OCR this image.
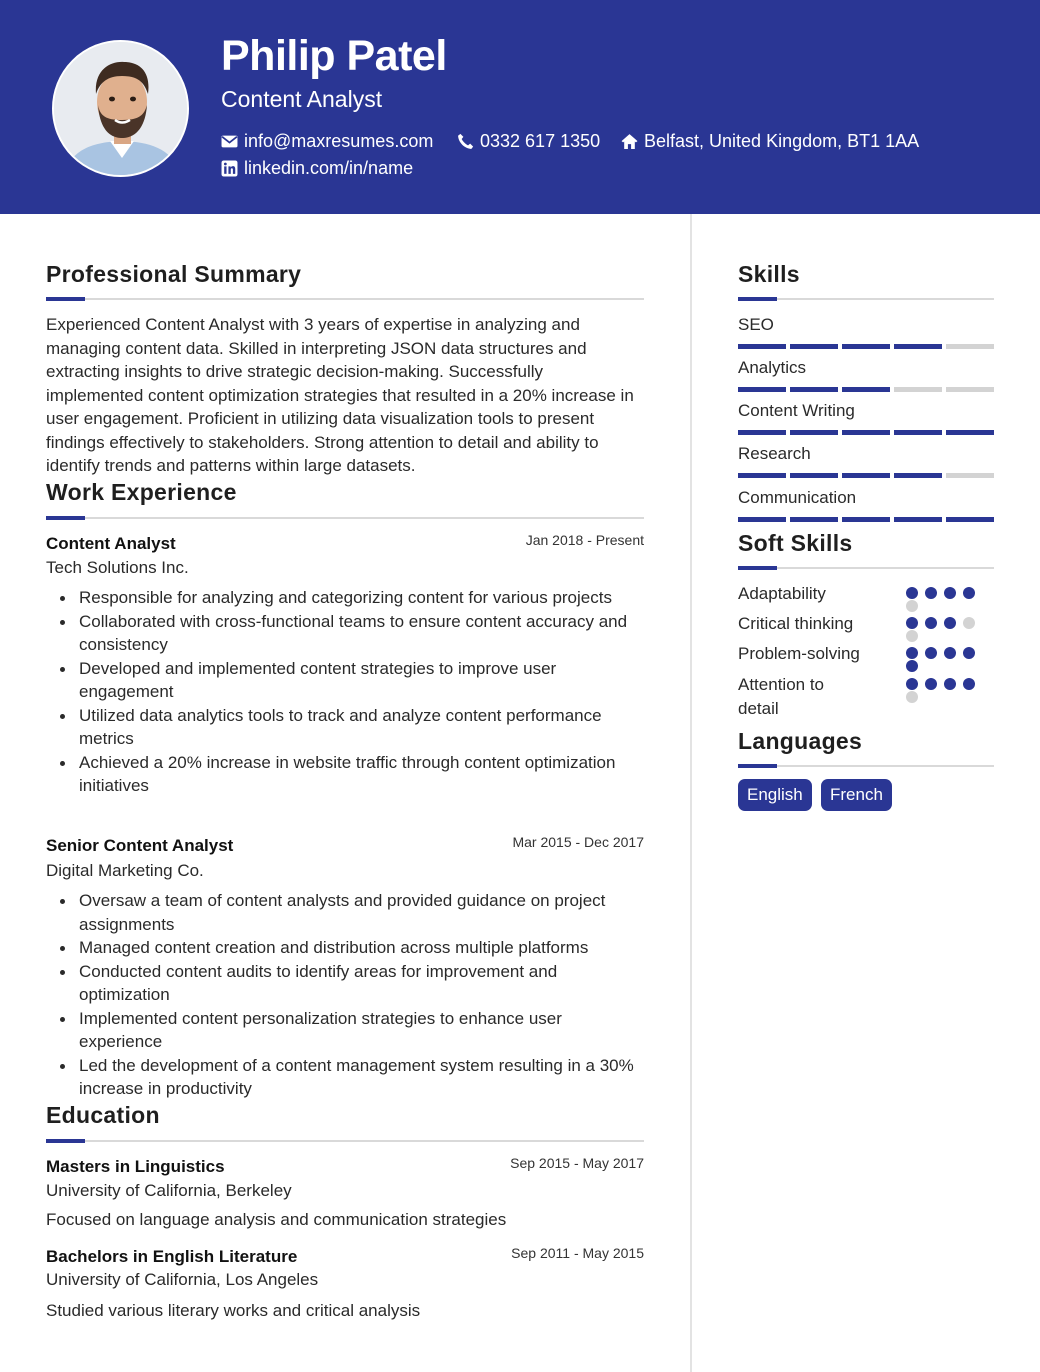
Philip Patel
Content Analyst
info@maxresumes.com	0332 617 1350 Belfast, United Kingdom, BT1 1AA
linkedin.com/in/name
Professional Summary
Experienced Content Analyst with 3 years of expertise in analyzing and managing content data. Skilled in interpreting JSON data structures and extracting insights to drive strategic decision-making. Successfully implemented content optimization strategies that resulted in a 20% increase in user engagement. Proficient in utilizing data visualization tools to present findings effectively to stakeholders. Strong attention to detail and ability to identify trends and patterns within large datasets.
Work Experience
Content Analyst	Jan 2018 - Present
Tech Solutions Inc.
Responsible for analyzing and categorizing content for various projects
Collaborated with cross-functional teams to ensure content accuracy and consistency
Developed and implemented content strategies to improve user engagement
Utilized data analytics tools to track and analyze content performance metrics
Achieved a 20% increase in website traffic through content optimization initiatives
Senior Content Analyst	Mar 2015 - Dec 2017
Digital Marketing Co.
Oversaw a team of content analysts and provided guidance on project assignments
Managed content creation and distribution across multiple platforms
Conducted content audits to identify areas for improvement and optimization
Implemented content personalization strategies to enhance user experience
Led the development of a content management system resulting in a 30% increase in productivity
Education
Masters in Linguistics	Sep 2015 - May 2017
University of California, Berkeley
Focused on language analysis and communication strategies
Bachelors in English Literature	Sep 2011 - May 2015
University of California, Los Angeles
Studied various literary works and critical analysis
Skills
SEO
Analytics
Content Writing
Research
Communication
Soft Skills
Adaptability
Critical thinking
Problem-solving
Attention to detail
Languages
English	French
